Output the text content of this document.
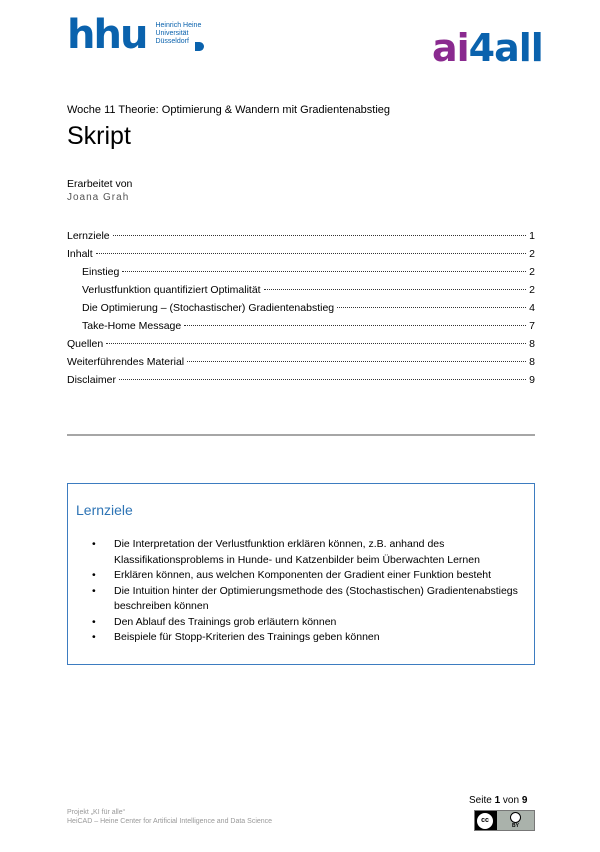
hhu Heinrich Heine
Universität
Düsseldorf	ai 4 all
Woche 11 Theorie: Optimierung & Wandern mit Gradientenabstieg
Skript
Erarbeitet von
Joana Grah
Lernziele	1
Inhalt	2
Einstieg	2
Verlustfunktion quantifiziert Optimalität	2
Die Optimierung – (Stochastischer) Gradientenabstieg	4
Take-Home Message	7
Quellen	8
Weiterführendes Material	8
Disclaimer	9
Lernziele
• Die Interpretation der Verlustfunktion erklären können, z.B. anhand des Klassifikationsproblems in Hunde- und Katzenbilder beim Überwachten Lernen
• Erklären können, aus welchen Komponenten der Gradient einer Funktion besteht
• Die Intuition hinter der Optimierungsmethode des (Stochastischen) Gradientenabstiegs beschreiben können
• Den Ablauf des Trainings grob erläutern können
• Beispiele für Stopp-Kriterien des Trainings geben können
Projekt „KI für alle“
HeiCAD – Heine Center for Artificial Intelligence and Data Science
Seite 1 von 9
cc
BY
